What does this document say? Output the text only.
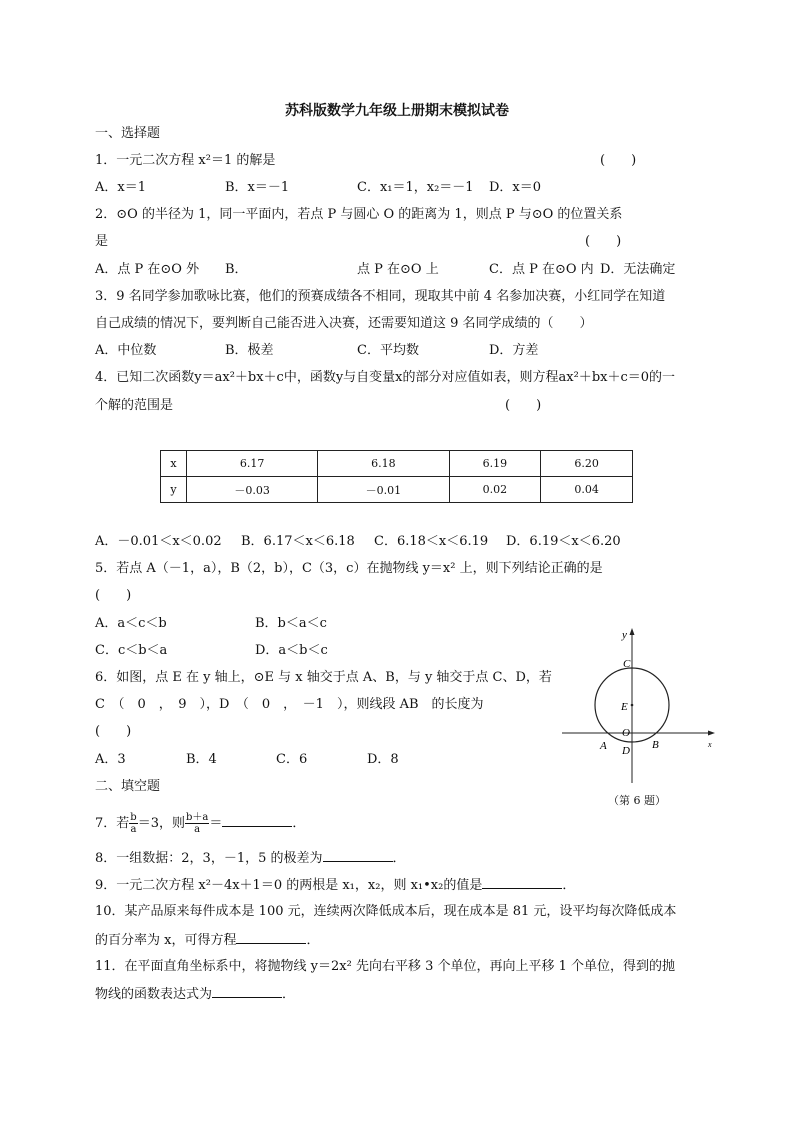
苏科版数学九年级上册期末模拟试卷
一、选择题
1．一元二次方程 x²＝1 的解是	(　　)
A．x＝1	B．x＝－1	C．x₁＝1，x₂＝－1 D．x＝0
2．⊙O 的半径为 1，同一平面内，若点 P 与圆心 O 的距离为 1，则点 P 与⊙O 的位置关系
是	(　　)
A．点 P 在⊙O 外 B．	点 P 在⊙O 上	C．点 P 在⊙O 内 D．无法确定
3．9 名同学参加歌咏比赛，他们的预赛成绩各不相同，现取其中前 4 名参加决赛，小红同学在知道
自己成绩的情况下，要判断自己能否进入决赛，还需要知道这 9 名同学成绩的（　　）
A．中位数	B．极差	C．平均数	D．方差
4．已知二次函数y＝ax²＋bx＋c中，函数y与自变量x的部分对应值如表，则方程ax²＋bx＋c＝0的一
个解的范围是	(　　)
x	6.17	6.18	6.19	6.20
y	－0.03	－0.01	0.02	0.04
A．－0.01＜x＜0.02 B．6.17＜x＜6.18 C．6.18＜x＜6.19 D．6.19＜x＜6.20
5．若点 A（－1，a），B（2，b），C（3，c）在抛物线 y＝x² 上，则下列结论正确的是
(　　)
A．a＜c＜b	B．b＜a＜c
C．c＜b＜a	D．a＜b＜c
6．如图，点 E 在 y 轴上，⊙E 与 x 轴交于点 A、B，与 y 轴交于点 C、D，若
C　（　0　，　9　），D　（　0　，　－1　），则线段 AB　的长度为
(　　)
A．3	B．4	C．6	D．8
y
x
C
E
O
A	B
D
（第 6 题）
二、填空题
7．若 $\frac{b}{a} =3$，则 $\frac{b+a}{a}$ ＝	．
8．一组数据：2，3，－1，5 的极差为	．
9．一元二次方程 x²－4x＋1＝0 的两根是 x₁，x₂，则 x₁•x₂的值是	．
10．某产品原来每件成本是 100 元，连续两次降低成本后，现在成本是 81 元，设平均每次降低成本
的百分率为 x，可得方程	．
11．在平面直角坐标系中，将抛物线 y＝2x² 先向右平移 3 个单位，再向上平移 1 个单位，得到的抛
物线的函数表达式为	．
